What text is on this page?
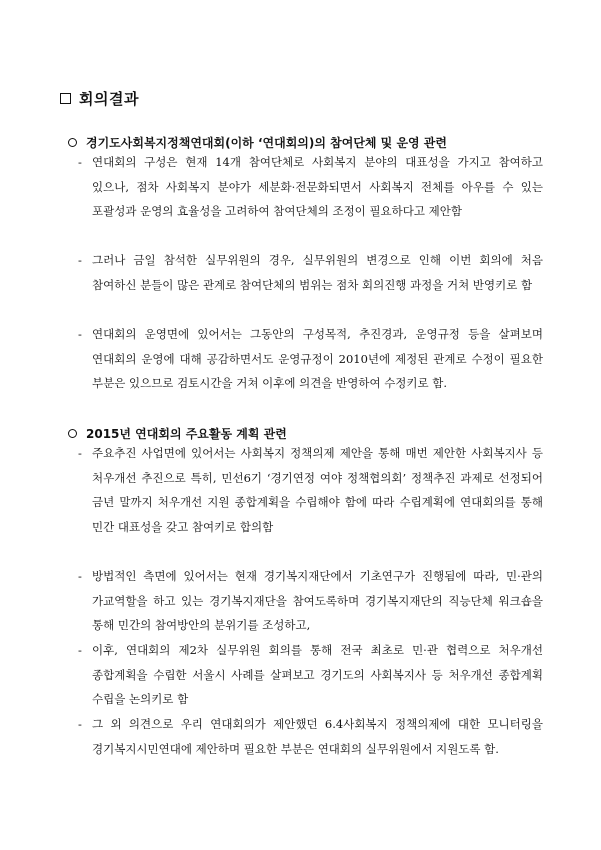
회의결과
경기도사회복지정책연대회(이하 ‘연대회의)의 참여단체 및 운영 관련
- 연대회의 구성은 현재 14개 참여단체로 사회복지 분야의 대표성을 가지고 참여하고 있으나, 점차 사회복지 분야가 세분화·전문화되면서 사회복지 전체를 아우를 수 있는 포괄성과 운영의 효율성을 고려하여 참여단체의 조정이 필요하다고 제안함
- 그러나 금일 참석한 실무위원의 경우, 실무위원의 변경으로 인해 이번 회의에 처음 참여하신 분들이 많은 관계로 참여단체의 범위는 점차 회의진행 과정을 거쳐 반영키로 함
- 연대회의 운영면에 있어서는 그동안의 구성목적, 추진경과, 운영규정 등을 살펴보며 연대회의 운영에 대해 공감하면서도 운영규정이 2010년에 제정된 관계로 수정이 필요한 부분은 있으므로 검토시간을 거쳐 이후에 의견을 반영하여 수정키로 함.
2015년 연대회의 주요활동 계획 관련
- 주요추진 사업면에 있어서는 사회복지 정책의제 제안을 통해 매번 제안한 사회복지사 등 처우개선 추진으로 특히, 민선6기 ‘경기연정 여야 정책협의회’ 정책추진 과제로 선정되어 금년 말까지 처우개선 지원 종합계획을 수립해야 함에 따라 수립계획에 연대회의를 통해 민간 대표성을 갖고 참여키로 합의함
- 방법적인 측면에 있어서는 현재 경기복지재단에서 기초연구가 진행됨에 따라, 민·관의 가교역할을 하고 있는 경기복지재단을 참여도록하며 경기복지재단의 직능단체 워크숍을 통해 민간의 참여방안의 분위기를 조성하고,
- 이후, 연대회의 제2차 실무위원 회의를 통해 전국 최초로 민·관 협력으로 처우개선 종합계획을 수립한 서울시 사례를 살펴보고 경기도의 사회복지사 등 처우개선 종합계획 수립을 논의키로 함
- 그 외 의견으로 우리 연대회의가 제안했던 6.4사회복지 정책의제에 대한 모니터링을 경기복지시민연대에 제안하며 필요한 부분은 연대회의 실무위원에서 지원도록 함.
